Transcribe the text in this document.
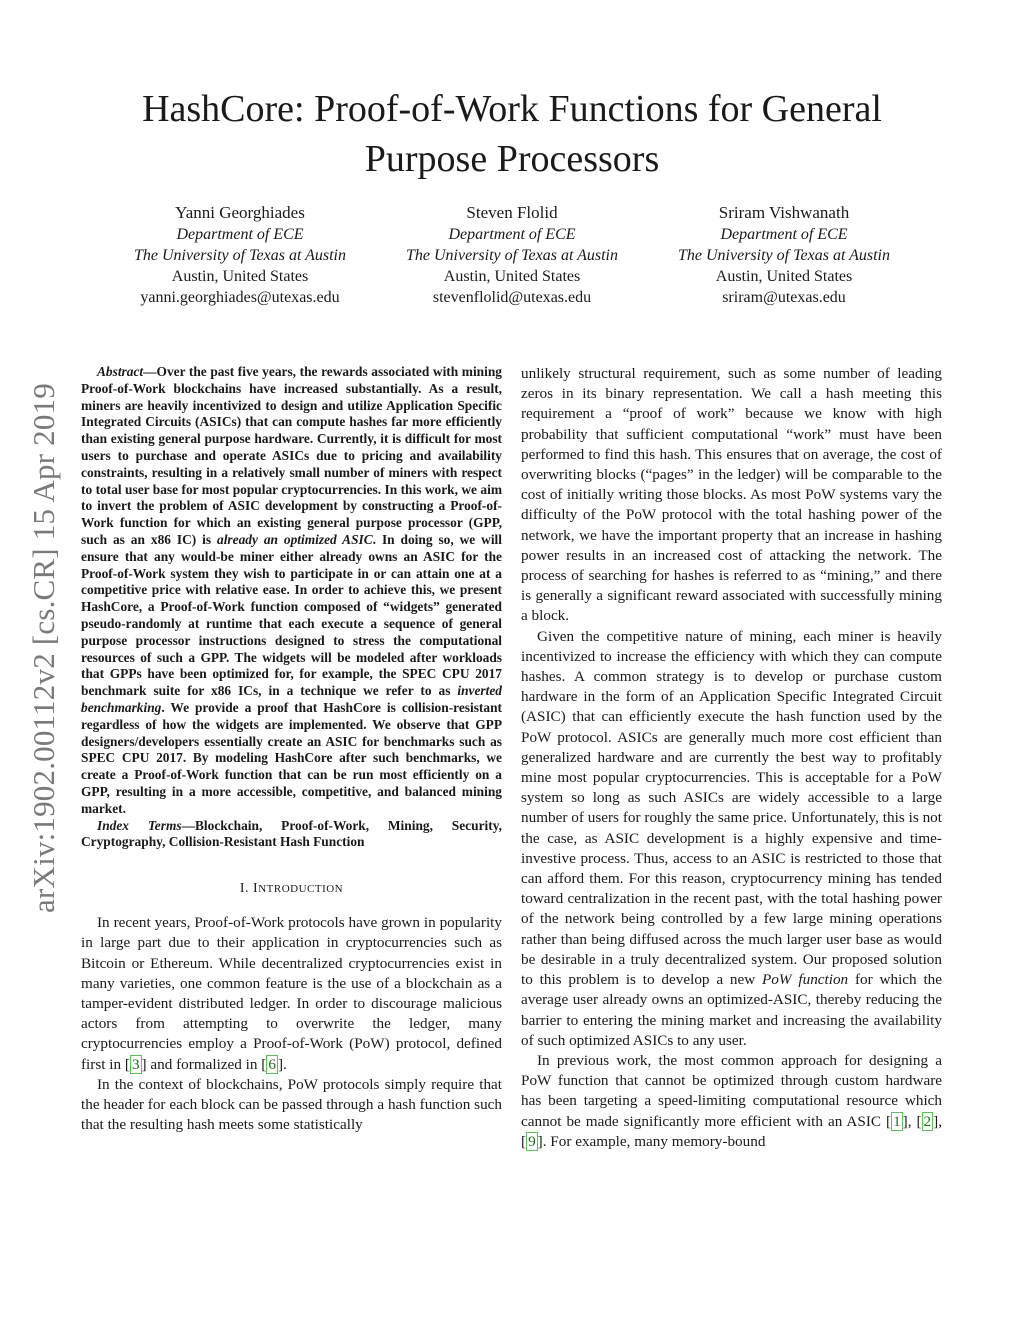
HashCore: Proof-of-Work Functions for General
Purpose Processors
Yanni Georghiades
Department of ECE
The University of Texas at Austin
Austin, United States
yanni.georghiades@utexas.edu
Steven Flolid
Department of ECE
The University of Texas at Austin
Austin, United States
stevenflolid@utexas.edu
Sriram Vishwanath
Department of ECE
The University of Texas at Austin
Austin, United States
sriram@utexas.edu
arXiv:1902.00112v2 [cs.CR] 15 Apr 2019

Abstract—Over the past five years, the rewards associated with mining Proof-of-Work blockchains have increased substantially. As a result, miners are heavily incentivized to design and utilize Application Specific Integrated Circuits (ASICs) that can compute hashes far more efficiently than existing general purpose hardware. Currently, it is difficult for most users to purchase and operate ASICs due to pricing and availability constraints, resulting in a relatively small number of miners with respect to total user base for most popular cryptocurrencies. In this work, we aim to invert the problem of ASIC development by constructing a Proof-of-Work function for which an existing general purpose processor (GPP, such as an x86 IC) is already an optimized ASIC. In doing so, we will ensure that any would-be miner either already owns an ASIC for the Proof-of-Work system they wish to participate in or can attain one at a competitive price with relative ease. In order to achieve this, we present HashCore, a Proof-of-Work function composed of “widgets” generated pseudo-randomly at runtime that each execute a sequence of general purpose processor instructions designed to stress the computational resources of such a GPP. The widgets will be modeled after workloads that GPPs have been optimized for, for example, the SPEC CPU 2017 benchmark suite for x86 ICs, in a technique we refer to as inverted benchmarking. We provide a proof that HashCore is collision-resistant regardless of how the widgets are implemented. We observe that GPP designers/developers essentially create an ASIC for benchmarks such as SPEC CPU 2017. By modeling HashCore after such benchmarks, we create a Proof-of-Work function that can be run most efficiently on a GPP, resulting in a more accessible, competitive, and balanced mining market.

Index Terms—Blockchain, Proof-of-Work, Mining, Security, Cryptography, Collision-Resistant Hash Function

I. INTRODUCTION

In recent years, Proof-of-Work protocols have grown in popularity in large part due to their application in cryptocurrencies such as Bitcoin or Ethereum. While decentralized cryptocurrencies exist in many varieties, one common feature is the use of a blockchain as a tamper-evident distributed ledger. In order to discourage malicious actors from attempting to overwrite the ledger, many cryptocurrencies employ a Proof-of-Work (PoW) protocol, defined first in [ 3 ] and formalized in [ 6 ].

In the context of blockchains, PoW protocols simply require that the header for each block can be passed through a hash function such that the resulting hash meets some statistically

unlikely structural requirement, such as some number of leading zeros in its binary representation. We call a hash meeting this requirement a “proof of work” because we know with high probability that sufficient computational “work” must have been performed to find this hash. This ensures that on average, the cost of overwriting blocks (“pages” in the ledger) will be comparable to the cost of initially writing those blocks. As most PoW systems vary the difficulty of the PoW protocol with the total hashing power of the network, we have the important property that an increase in hashing power results in an increased cost of attacking the network. The process of searching for hashes is referred to as “mining,” and there is generally a significant reward associated with successfully mining a block.

Given the competitive nature of mining, each miner is heavily incentivized to increase the efficiency with which they can compute hashes. A common strategy is to develop or purchase custom hardware in the form of an Application Specific Integrated Circuit (ASIC) that can efficiently execute the hash function used by the PoW protocol. ASICs are generally much more cost efficient than generalized hardware and are currently the best way to profitably mine most popular cryptocurrencies. This is acceptable for a PoW system so long as such ASICs are widely accessible to a large number of users for roughly the same price. Unfortunately, this is not the case, as ASIC development is a highly expensive and time-investive process. Thus, access to an ASIC is restricted to those that can afford them. For this reason, cryptocurrency mining has tended toward centralization in the recent past, with the total hashing power of the network being controlled by a few large mining operations rather than being diffused across the much larger user base as would be desirable in a truly decentralized system. Our proposed solution to this problem is to develop a new PoW function for which the average user already owns an optimized-ASIC, thereby reducing the barrier to entering the mining market and increasing the availability of such optimized ASICs to any user.

In previous work, the most common approach for designing a PoW function that cannot be optimized through custom hardware has been targeting a speed-limiting computational resource which cannot be made significantly more efficient with an ASIC [ 1 ], [ 2 ], [ 9 ]. For example, many memory-bound
